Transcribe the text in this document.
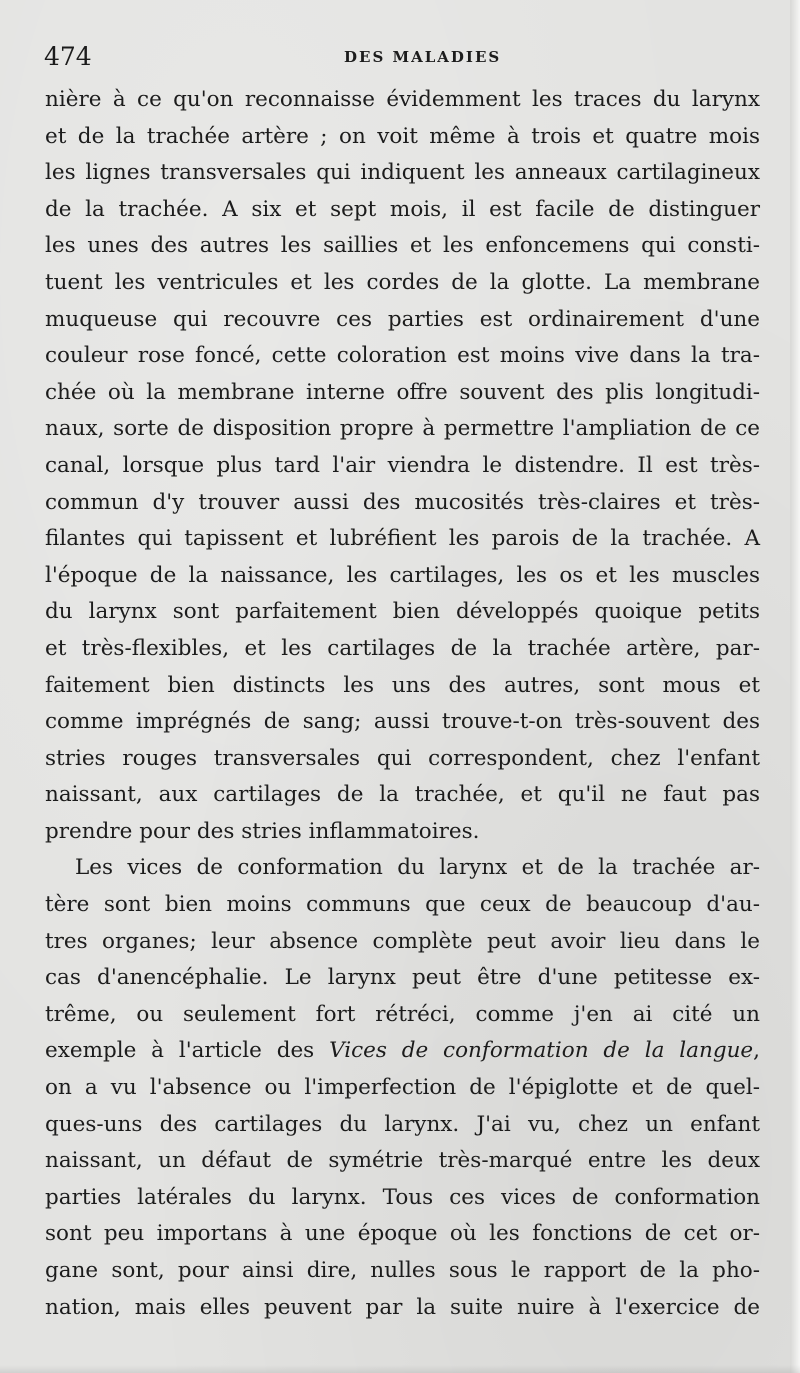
474	DES MALADIES
nière à ce qu'on reconnaisse évidemment les traces du larynx
et de la trachée artère ; on voit même à trois et quatre mois
les lignes transversales qui indiquent les anneaux cartilagineux
de la trachée. A six et sept mois, il est facile de distinguer
les unes des autres les saillies et les enfoncemens qui consti-
tuent les ventricules et les cordes de la glotte. La membrane
muqueuse qui recouvre ces parties est ordinairement d'une
couleur rose foncé, cette coloration est moins vive dans la tra-
chée où la membrane interne offre souvent des plis longitudi-
naux, sorte de disposition propre à permettre l'ampliation de ce
canal, lorsque plus tard l'air viendra le distendre. Il est très-
commun d'y trouver aussi des mucosités très-claires et très-
filantes qui tapissent et lubréfient les parois de la trachée. A
l'époque de la naissance, les cartilages, les os et les muscles
du larynx sont parfaitement bien développés quoique petits
et très-flexibles, et les cartilages de la trachée artère, par-
faitement bien distincts les uns des autres, sont mous et
comme imprégnés de sang; aussi trouve-t-on très-souvent des
stries rouges transversales qui correspondent, chez l'enfant
naissant, aux cartilages de la trachée, et qu'il ne faut pas
prendre pour des stries inflammatoires.
Les vices de conformation du larynx et de la trachée ar-
tère sont bien moins communs que ceux de beaucoup d'au-
tres organes; leur absence complète peut avoir lieu dans le
cas d'anencéphalie. Le larynx peut être d'une petitesse ex-
trême, ou seulement fort rétréci, comme j'en ai cité un
exemple à l'article des Vices de conformation de la langue,
on a vu l'absence ou l'imperfection de l'épiglotte et de quel-
ques-uns des cartilages du larynx. J'ai vu, chez un enfant
naissant, un défaut de symétrie très-marqué entre les deux
parties latérales du larynx. Tous ces vices de conformation
sont peu importans à une époque où les fonctions de cet or-
gane sont, pour ainsi dire, nulles sous le rapport de la pho-
nation, mais elles peuvent par la suite nuire à l'exercice de
